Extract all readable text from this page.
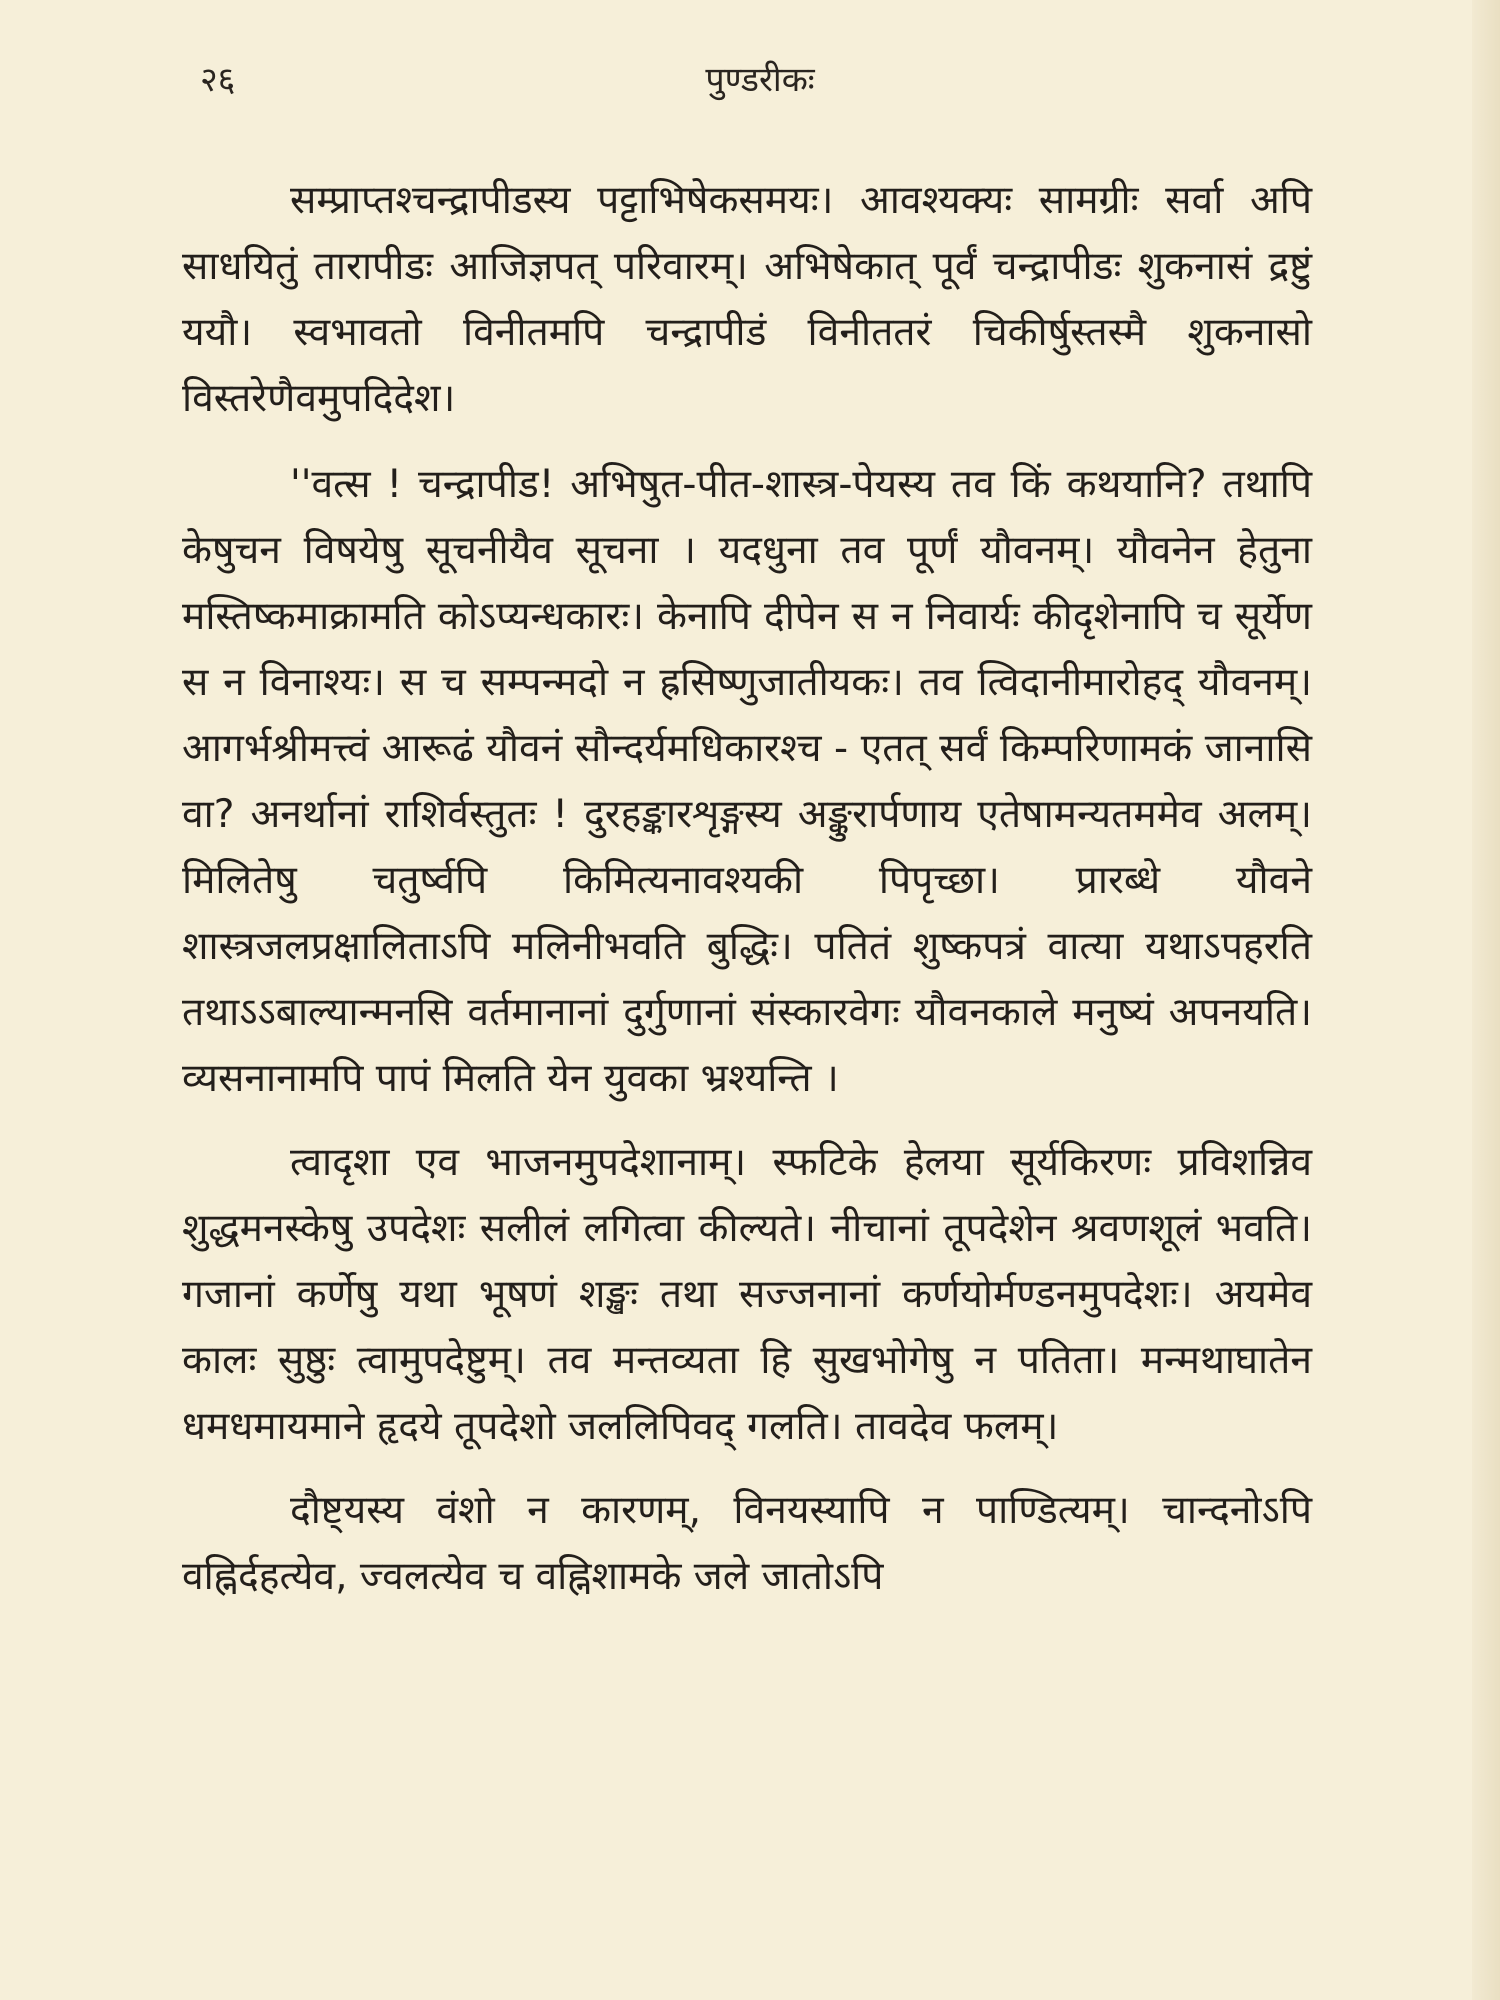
२६	पुण्डरीकः

सम्प्राप्तश्चन्द्रापीडस्य पट्टाभिषेकसमयः। आवश्यक्यः सामग्रीः सर्वा अपि साधयितुं तारापीडः आजिज्ञपत् परिवारम्। अभिषेकात् पूर्वं चन्द्रापीडः शुकनासं द्रष्टुं ययौ। स्वभावतो विनीतमपि चन्द्रापीडं विनीततरं चिकीर्षुस्तस्मै शुकनासो विस्तरेणैवमुपदिदेश।

''वत्स ! चन्द्रापीड! अभिषुत-पीत-शास्त्र-पेयस्य तव किं कथयानि? तथापि केषुचन विषयेषु सूचनीयैव सूचना । यदधुना तव पूर्णं यौवनम्। यौवनेन हेतुना मस्तिष्कमाक्रामति कोऽप्यन्धकारः। केनापि दीपेन स न निवार्यः कीदृशेनापि च सूर्येण स न विनाश्यः। स च सम्पन्मदो न ह्रसिष्णुजातीयकः। तव त्विदानीमारोहद् यौवनम्। आगर्भश्रीमत्त्वं आरूढं यौवनं सौन्दर्यमधिकारश्च - एतत् सर्वं किम्परिणामकं जानासि वा? अनर्थानां राशिर्वस्तुतः ! दुरहङ्कारशृङ्गस्य अङ्कुरार्पणाय एतेषामन्यतममेव अलम्। मिलितेषु चतुर्ष्वपि किमित्यनावश्यकी पिपृच्छा। प्रारब्धे यौवने शास्त्रजलप्रक्षालिताऽपि मलिनीभवति बुद्धिः। पतितं शुष्कपत्रं वात्या यथाऽपहरति तथाऽऽबाल्यान्मनसि वर्तमानानां दुर्गुणानां संस्कारवेगः यौवनकाले मनुष्यं अपनयति। व्यसनानामपि पापं मिलति येन युवका भ्रश्यन्ति ।

त्वादृशा एव भाजनमुपदेशानाम्। स्फटिके हेलया सूर्यकिरणः प्रविशन्निव शुद्धमनस्केषु उपदेशः सलीलं लगित्वा कील्यते। नीचानां तूपदेशेन श्रवणशूलं भवति। गजानां कर्णेषु यथा भूषणं शङ्खः तथा सज्जनानां कर्णयोर्मण्डनमुपदेशः। अयमेव कालः सुष्ठुः त्वामुपदेष्टुम्। तव मन्तव्यता हि सुखभोगेषु न पतिता। मन्मथाघातेन धमधमायमाने हृदये तूपदेशो जललिपिवद् गलति। तावदेव फलम्।

दौष्ट्यस्य वंशो न कारणम्, विनयस्यापि न पाण्डित्यम्। चान्दनोऽपि वह्निर्दहत्येव, ज्वलत्येव च वह्निशामके जले जातोऽपि
